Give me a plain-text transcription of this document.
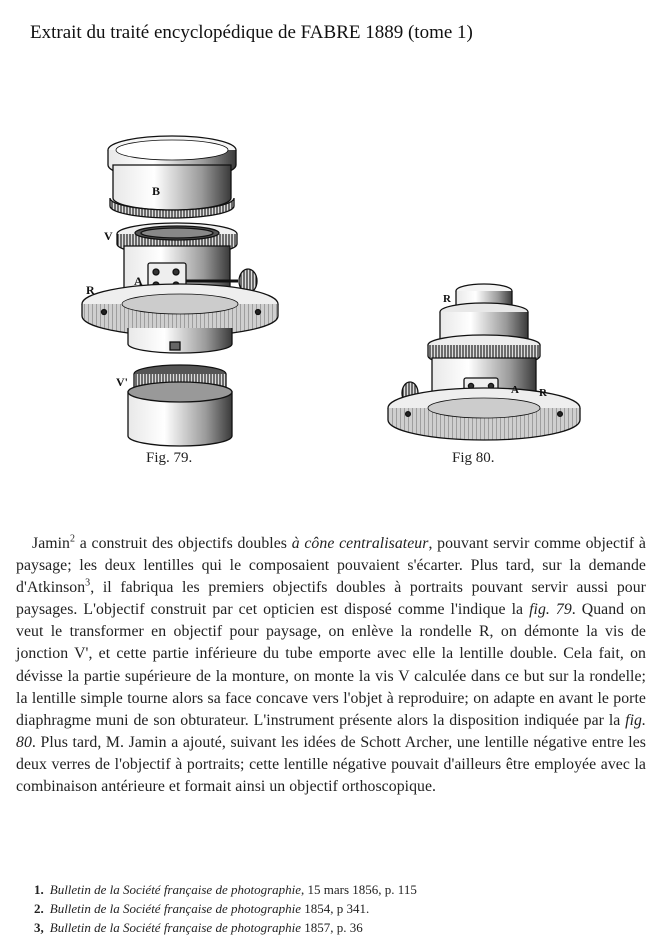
Extrait du traité encyclopédique de FABRE 1889 (tome 1)
B
V
A
R
V'
R
A R
Fig. 79.	Fig 80.

Jamin$^2$ a construit des objectifs doubles à cône centralisateur, pouvant servir comme objectif à paysage; les deux lentilles qui le composaient pouvaient s'écarter. Plus tard, sur la demande d'Atkinson$^3$, il fabriqua les premiers objectifs doubles à portraits pouvant servir aussi pour paysages. L'objectif construit par cet opticien est disposé comme l'indique la fig. 79. Quand on veut le transformer en objectif pour paysage, on enlève la rondelle R, on démonte la vis de jonction V', et cette partie inférieure du tube emporte avec elle la lentille double. Cela fait, on dévisse la partie supérieure de la monture, on monte la vis V calculée dans ce but sur la rondelle; la lentille simple tourne alors sa face concave vers l'objet à reproduire; on adapte en avant le porte diaphragme muni de son obturateur. L'instrument présente alors la disposition indiquée par la fig. 80. Plus tard, M. Jamin a ajouté, suivant les idées de Schott Archer, une lentille négative entre les deux verres de l'objectif à portraits; cette lentille négative pouvait d'ailleurs être employée avec la combinaison antérieure et formait ainsi un objectif orthoscopique.

1. Bulletin de la Société française de photographie, 15 mars 1856, p. 115
2. Bulletin de la Société française de photographie 1854, p 341.
3, Bulletin de la Société française de photographie 1857, p. 36
